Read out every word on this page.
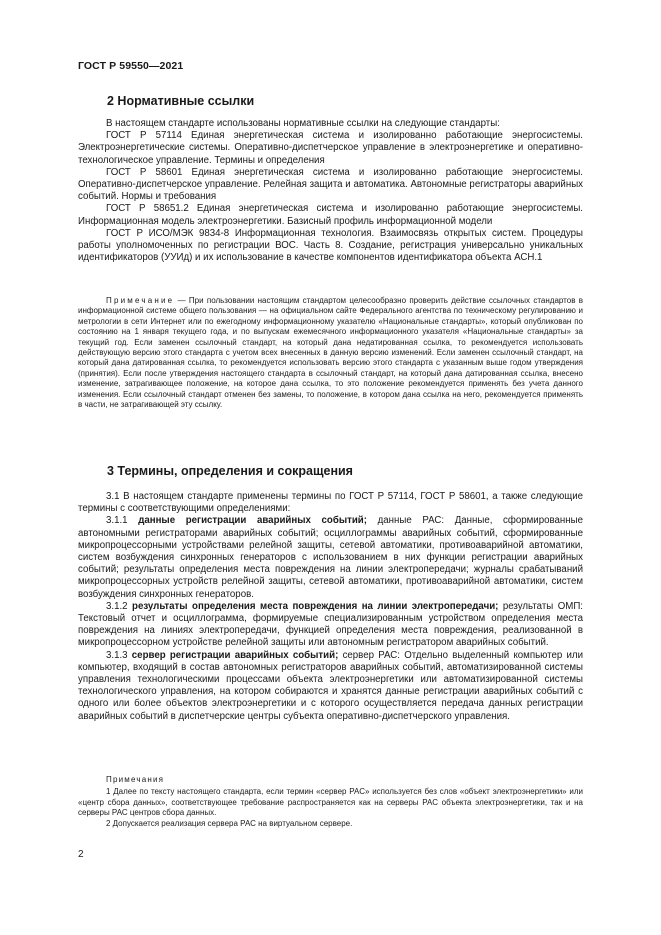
ГОСТ Р 59550—2021
2 Нормативные ссылки

В настоящем стандарте использованы нормативные ссылки на следующие стандарты:

ГОСТ Р 57114 Единая энергетическая система и изолированно работающие энергосистемы. Электроэнергетические системы. Оперативно-диспетчерское управление в электроэнергетике и оперативно-технологическое управление. Термины и определения

ГОСТ Р 58601 Единая энергетическая система и изолированно работающие энергосистемы. Оперативно-диспетчерское управление. Релейная защита и автоматика. Автономные регистраторы аварийных событий. Нормы и требования

ГОСТ Р 58651.2 Единая энергетическая система и изолированно работающие энергосистемы. Информационная модель электроэнергетики. Базисный профиль информационной модели

ГОСТ Р ИСО/МЭК 9834-8 Информационная технология. Взаимосвязь открытых систем. Процедуры работы уполномоченных по регистрации ВОС. Часть 8. Создание, регистрация универсально уникальных идентификаторов (УУИд) и их использование в качестве компонентов идентификатора объекта АСН.1

Примечание — При пользовании настоящим стандартом целесообразно проверить действие ссылочных стандартов в информационной системе общего пользования — на официальном сайте Федерального агентства по техническому регулированию и метрологии в сети Интернет или по ежегодному информационному указателю «Национальные стандарты», который опубликован по состоянию на 1 января текущего года, и по выпускам ежемесячного информационного указателя «Национальные стандарты» за текущий год. Если заменен ссылочный стандарт, на который дана недатированная ссылка, то рекомендуется использовать действующую версию этого стандарта с учетом всех внесенных в данную версию изменений. Если заменен ссылочный стандарт, на который дана датированная ссылка, то рекомендуется использовать версию этого стандарта с указанным выше годом утверждения (принятия). Если после утверждения настоящего стандарта в ссылочный стандарт, на который дана датированная ссылка, внесено изменение, затрагивающее положение, на которое дана ссылка, то это положение рекомендуется применять без учета данного изменения. Если ссылочный стандарт отменен без замены, то положение, в котором дана ссылка на него, рекомендуется применять в части, не затрагивающей эту ссылку.

3 Термины, определения и сокращения

3.1 В настоящем стандарте применены термины по ГОСТ Р 57114, ГОСТ Р 58601, а также следующие термины с соответствующими определениями:

3.1.1 данные регистрации аварийных событий; данные РАС: Данные, сформированные автономными регистраторами аварийных событий; осциллограммы аварийных событий, сформированные микропроцессорными устройствами релейной защиты, сетевой автоматики, противоаварийной автоматики, систем возбуждения синхронных генераторов с использованием в них функции регистрации аварийных событий; результаты определения места повреждения на линии электропередачи; журналы срабатываний микропроцессорных устройств релейной защиты, сетевой автоматики, противоаварийной автоматики, систем возбуждения синхронных генераторов.

3.1.2 результаты определения места повреждения на линии электропередачи; результаты ОМП: Текстовый отчет и осциллограмма, формируемые специализированным устройством определения места повреждения на линиях электропередачи, функцией определения места повреждения, реализованной в микропроцессорном устройстве релейной защиты или автономным регистратором аварийных событий.

3.1.3 сервер регистрации аварийных событий; сервер РАС: Отдельно выделенный компьютер или компьютер, входящий в состав автономных регистраторов аварийных событий, автоматизированной системы управления технологическими процессами объекта электроэнергетики или автоматизированной системы технологического управления, на котором собираются и хранятся данные регистрации аварийных событий с одного или более объектов электроэнергетики и с которого осуществляется передача данных регистрации аварийных событий в диспетчерские центры субъекта оперативно-диспетчерского управления.

Примечания

1 Далее по тексту настоящего стандарта, если термин «сервер РАС» используется без слов «объект электроэнергетики» или «центр сбора данных», соответствующее требование распространяется как на серверы РАС объекта электроэнергетики, так и на серверы РАС центров сбора данных.

2 Допускается реализация сервера РАС на виртуальном сервере.

2
